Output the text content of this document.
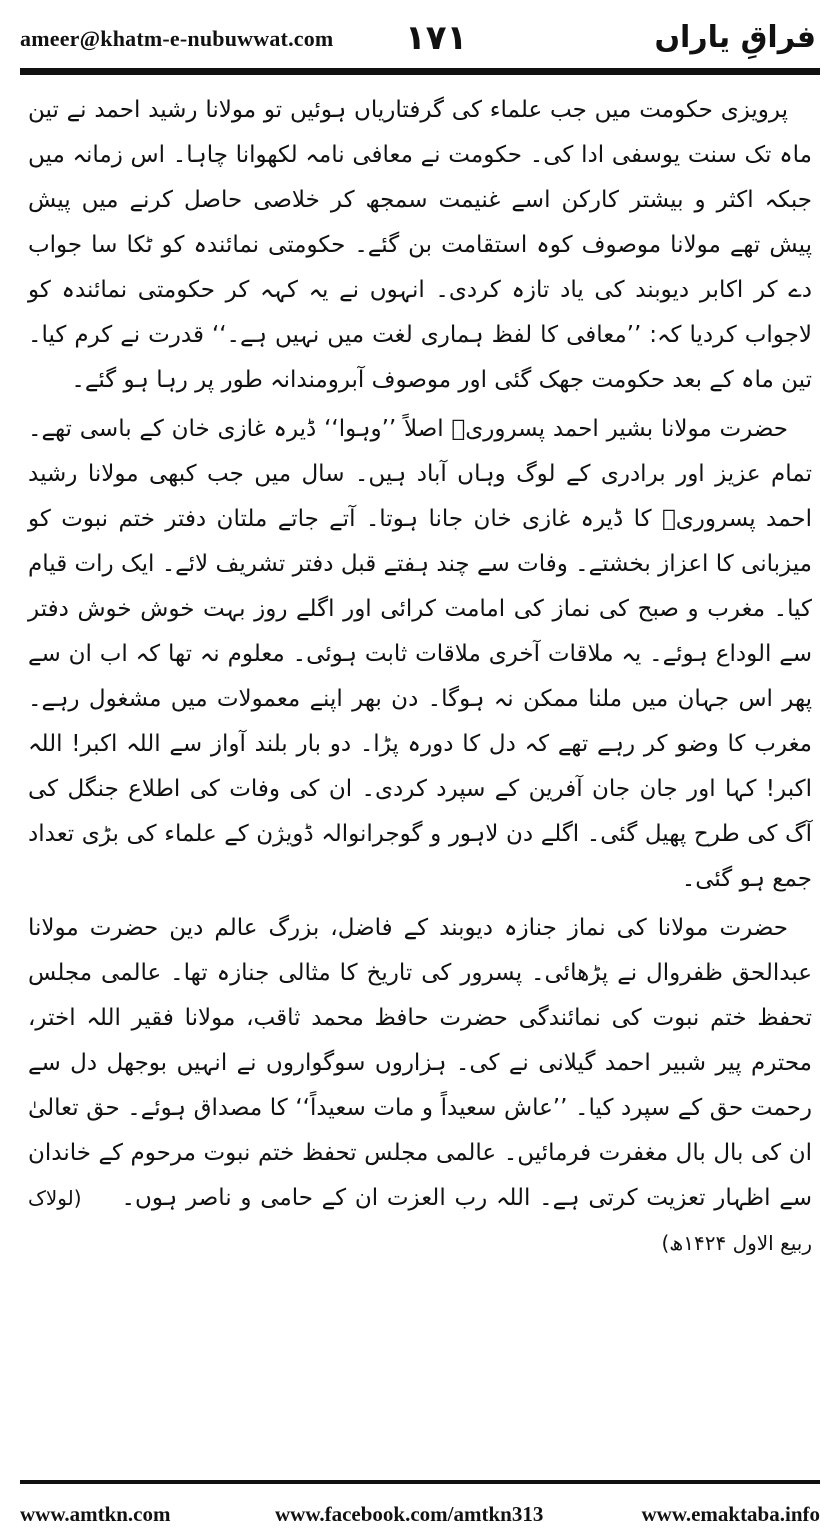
ameer@khatm-e-nubuwwat.com ۱۷۱	فراقِ یاراں

پرویزی حکومت میں جب علماء کی گرفتاریاں ہوئیں تو مولانا رشید احمد نے تین ماہ تک سنت یوسفی ادا کی۔ حکومت نے معافی نامہ لکھوانا چاہا۔ اس زمانہ میں جبکہ اکثر و بیشتر کارکن اسے غنیمت سمجھ کر خلاصی حاصل کرنے میں پیش پیش تھے مولانا موصوف کوہ استقامت بن گئے۔ حکومتی نمائندہ کو ٹکا سا جواب دے کر اکابر دیوبند کی یاد تازہ کردی۔ انہوں نے یہ کہہ کر حکومتی نمائندہ کو لاجواب کردیا کہ: ’’معافی کا لفظ ہماری لغت میں نہیں ہے۔‘‘ قدرت نے کرم کیا۔ تین ماہ کے بعد حکومت جھک گئی اور موصوف آبرومندانہ طور پر رہا ہو گئے۔

حضرت مولانا بشیر احمد پسروریؒ اصلاً ’’وہوا‘‘ ڈیرہ غازی خان کے باسی تھے۔ تمام عزیز اور برادری کے لوگ وہاں آباد ہیں۔ سال میں جب کبھی مولانا رشید احمد پسروریؒ کا ڈیرہ غازی خان جانا ہوتا۔ آتے جاتے ملتان دفتر ختم نبوت کو میزبانی کا اعزاز بخشتے۔ وفات سے چند ہفتے قبل دفتر تشریف لائے۔ ایک رات قیام کیا۔ مغرب و صبح کی نماز کی امامت کرائی اور اگلے روز بہت خوش خوش دفتر سے الوداع ہوئے۔ یہ ملاقات آخری ملاقات ثابت ہوئی۔ معلوم نہ تھا کہ اب ان سے پھر اس جہان میں ملنا ممکن نہ ہوگا۔ دن بھر اپنے معمولات میں مشغول رہے۔ مغرب کا وضو کر رہے تھے کہ دل کا دورہ پڑا۔ دو بار بلند آواز سے اللہ اکبر! اللہ اکبر! کہا اور جان جان آفرین کے سپرد کردی۔ ان کی وفات کی اطلاع جنگل کی آگ کی طرح پھیل گئی۔ اگلے دن لاہور و گوجرانوالہ ڈویژن کے علماء کی بڑی تعداد جمع ہو گئی۔

حضرت مولانا کی نماز جنازہ دیوبند کے فاضل، بزرگ عالم دین حضرت مولانا عبدالحق ظفروال نے پڑھائی۔ پسرور کی تاریخ کا مثالی جنازہ تھا۔ عالمی مجلس تحفظ ختم نبوت کی نمائندگی حضرت حافظ محمد ثاقب، مولانا فقیر اللہ اختر، محترم پیر شبیر احمد گیلانی نے کی۔ ہزاروں سوگواروں نے انہیں بوجھل دل سے رحمت حق کے سپرد کیا۔ ’’عاش سعیداً و مات سعیداً‘‘ کا مصداق ہوئے۔ حق تعالیٰ ان کی بال بال مغفرت فرمائیں۔ عالمی مجلس تحفظ ختم نبوت مرحوم کے خاندان سے اظہار تعزیت کرتی ہے۔ اللہ رب العزت ان کے حامی و ناصر ہوں۔(لولاک ربیع الاول ۱۴۲۴ھ)

www.amtkn.com	www.facebook.com/amtkn313	www.emaktaba.info
